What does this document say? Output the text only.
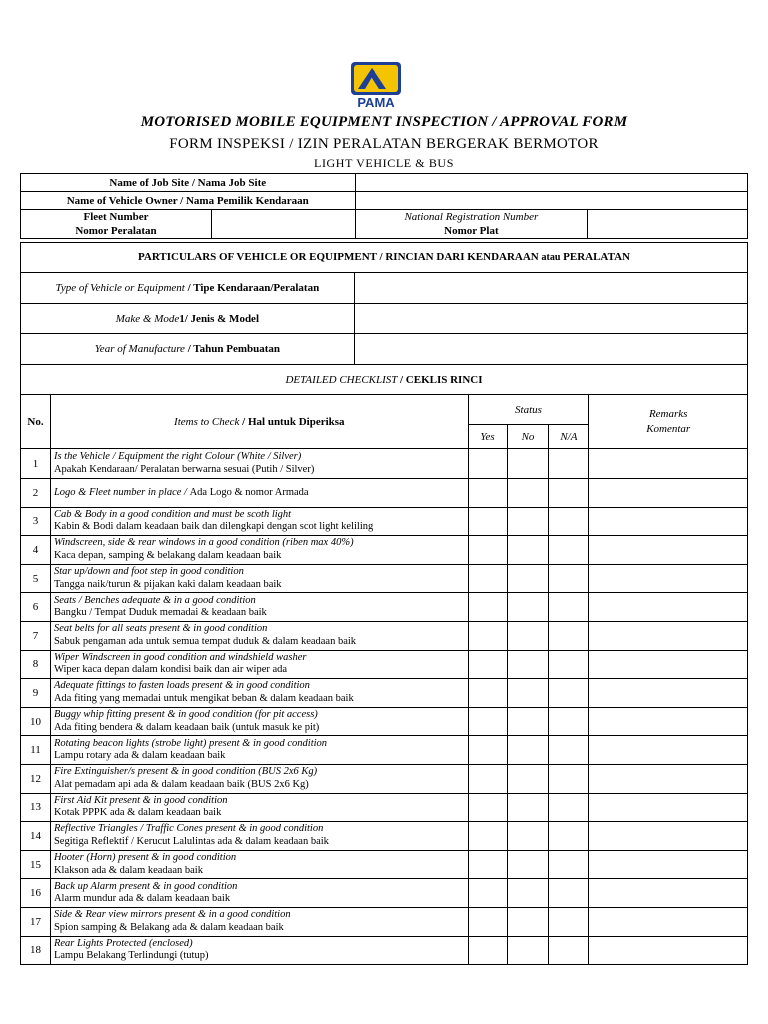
PAMA
MOTORISED MOBILE EQUIPMENT INSPECTION / APPROVAL FORM
FORM INSPEKSI / IZIN PERALATAN BERGERAK BERMOTOR
LIGHT VEHICLE & BUS
Name of Job Site / Nama Job Site	
Name of Vehicle Owner / Nama Pemilik Kendaraan	

Fleet Number
Nomor Peralatan	
	National Registration Number
Nomor Plat	
PARTICULARS OF VEHICLE OR EQUIPMENT / RINCIAN DARI KENDARAAN atau PERALATAN						
Type of Vehicle or Equipment / Tipe Kendaraan/Peralatan						
Make & Mode1/ Jenis & Model						
Year of Manufacture / Tahun Pembuatan						
DETAILED CHECKLIST / CEKLIS RINCI						
No.	Items to Check / Hal untuk Diperiksa		Status			Remarks
Komentar
			Yes	No	N/A	
1	Is the Vehicle / Equipment the right Colour (White / Silver)
Apakah Kendaraan/ Peralatan berwarna sesuai (Putih / Silver)					

2	Logo & Fleet number in place / Ada Logo & nomor Armada					
3	Cab & Body in a good condition and must be scoth light
Kabin & Bodi dalam keadaan baik dan dilengkapi dengan scot light keliling					

4	Windscreen, side & rear windows in a good condition (riben max 40%)
Kaca depan, samping & belakang dalam keadaan baik					

5	Star up/down and foot step in good condition
Tangga naik/turun & pijakan kaki dalam keadaan baik					

6	Seats / Benches adequate & in a good condition
Bangku / Tempat Duduk memadai & keadaan baik					

7	Seat belts for all seats present & in good condition
Sabuk pengaman ada untuk semua tempat duduk & dalam keadaan baik					

8	Wiper Windscreen in good condition and windshield washer
Wiper kaca depan dalam kondisi baik dan air wiper ada					

9	Adequate fittings to fasten loads present & in good condition
Ada fiting yang memadai untuk mengikat beban & dalam keadaan baik					

10	Buggy whip fitting present & in good condition (for pit access)
Ada fiting bendera & dalam keadaan baik (untuk masuk ke pit)					

11	Rotating beacon lights (strobe light) present & in good condition
Lampu rotary ada & dalam keadaan baik					

12	Fire Extinguisher/s present & in good condition (BUS 2x6 Kg)
Alat pemadam api ada & dalam keadaan baik (BUS 2x6 Kg)					

13	First Aid Kit present & in good condition
Kotak PPPK ada & dalam keadaan baik					

14	Reflective Triangles / Traffic Cones present & in good condition
Segitiga Reflektif / Kerucut Lalulintas ada & dalam keadaan baik					

15	Hooter (Horn) present & in good condition
Klakson ada & dalam keadaan baik					

16	Back up Alarm present & in good condition
Alarm mundur ada & dalam keadaan baik					

17	Side & Rear view mirrors present & in a good condition
Spion samping & Belakang ada & dalam keadaan baik					

18	Rear Lights Protected (enclosed)
Lampu Belakang Terlindungi (tutup)					
